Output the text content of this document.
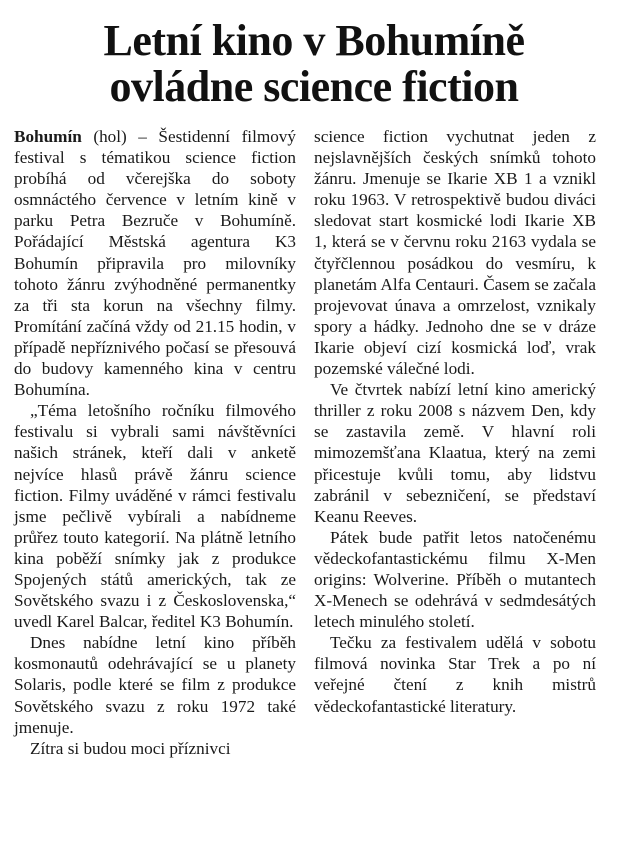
Letní kino v Bohumíně
ovládne science fiction

Bohumín (hol) – Šestidenní filmový festival s tématikou science fiction probíhá od včerejška do soboty osmnáctého července v letním kině v parku Petra Bezruče v Bohumíně. Pořádající Městská agentura K3 Bohumín připravila pro milovníky tohoto žánru zvýhodněné permanentky za tři sta korun na všechny filmy. Promítání začíná vždy od 21.15 hodin, v případě nepříznivého počasí se přesouvá do budovy kamenného kina v centru Bohumína.

„Téma letošního ročníku filmového festivalu si vybrali sami návštěvníci našich stránek, kteří dali v anketě nejvíce hlasů právě žánru science fiction. Filmy uváděné v rámci festivalu jsme pečlivě vybírali a nabídneme průřez touto kategorií. Na plátně letního kina poběží snímky jak z produkce Spojených států amerických, tak ze Sovětského svazu i z Československa,“ uvedl Karel Balcar, ředitel K3 Bohumín.

Dnes nabídne letní kino příběh kosmonautů odehrávající se u planety Solaris, podle které se film z produkce Sovětského svazu z roku 1972 také jmenuje.

Zítra si budou moci příznivci

science fiction vychutnat jeden z nejslavnějších českých snímků tohoto žánru. Jmenuje se Ikarie XB 1 a vznikl roku 1963. V retrospektivě budou diváci sledovat start kosmické lodi Ikarie XB 1, která se v červnu roku 2163 vydala se čtyřčlennou posádkou do vesmíru, k planetám Alfa Centauri. Časem se začala projevovat únava a omrzelost, vznikaly spory a hádky. Jednoho dne se v dráze Ikarie objeví cizí kosmická loď, vrak pozemské válečné lodi.

Ve čtvrtek nabízí letní kino americký thriller z roku 2008 s názvem Den, kdy se zastavila země. V hlavní roli mimozemšťana Klaatua, který na zemi přicestuje kvůli tomu, aby lidstvu zabránil v sebezničení, se představí Keanu Reeves.

Pátek bude patřit letos natočenému vědeckofantastickému filmu X-Men origins: Wolverine. Příběh o mutantech X-Menech se odehrává v sedmdesátých letech minulého století.

Tečku za festivalem udělá v sobotu filmová novinka Star Trek a po ní veřejné čtení z knih mistrů vědeckofantastické literatury.
